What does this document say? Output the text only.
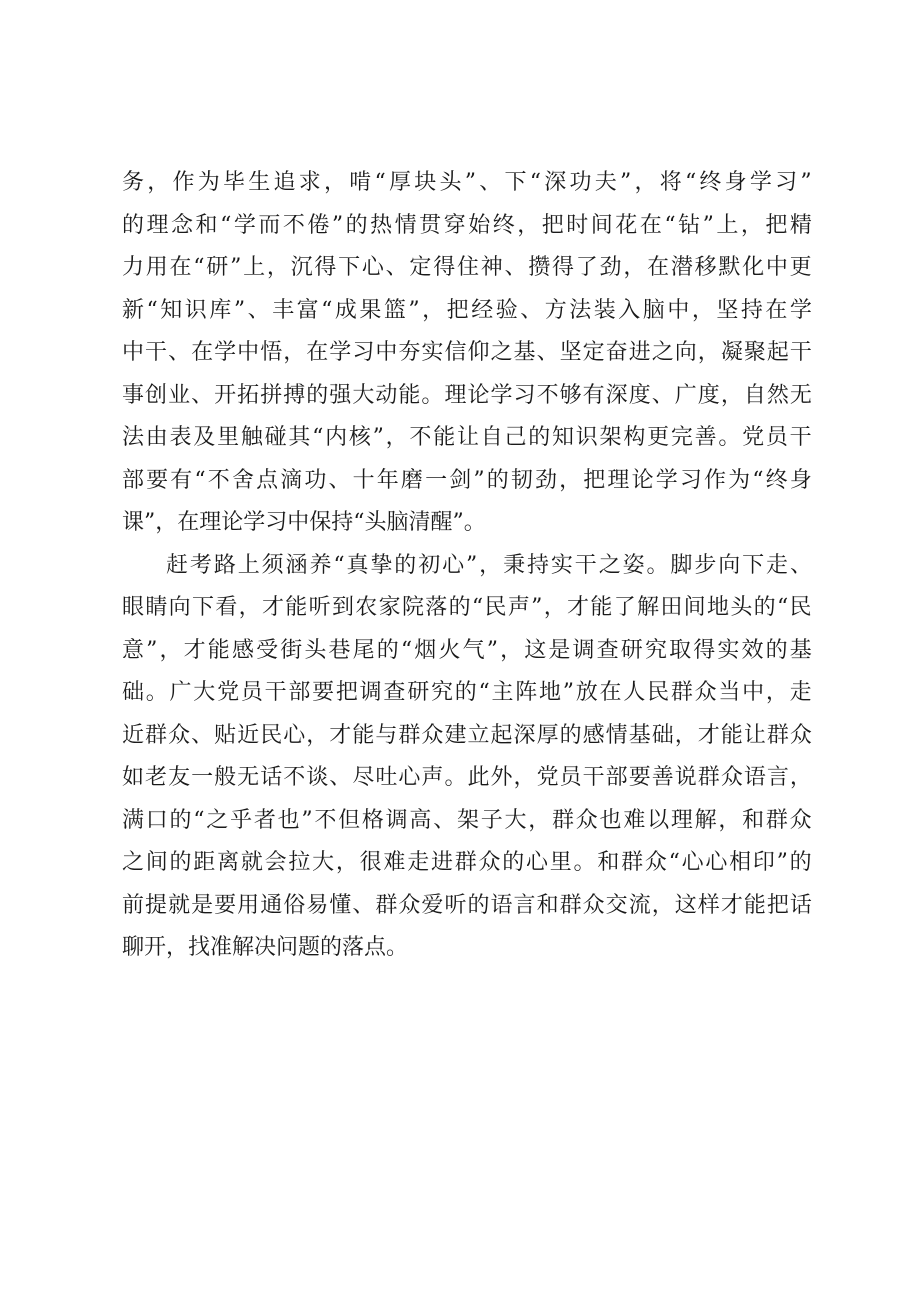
务 ， 作 为 毕 生 追 求 ， 啃 “ 厚 块 头 ” 、 下 “ 深 功 夫 ” ， 将 “ 终 身 学 习 ”
的 理 念 和 “ 学 而 不 倦 ” 的 热 情 贯 穿 始 终 ， 把 时 间 花 在 “ 钻 ” 上 ， 把 精
力 用 在 “ 研 ” 上 ， 沉 得 下 心 、 定 得 住 神 、 攒 得 了 劲 ， 在 潜 移 默 化 中 更
新 “ 知 识 库 ” 、 丰 富 “ 成 果 篮 ” ， 把 经 验 、 方 法 装 入 脑 中 ， 坚 持 在 学
中 干 、 在 学 中 悟 ， 在 学 习 中 夯 实 信 仰 之 基 、 坚 定 奋 进 之 向 ， 凝 聚 起 干
事 创 业 、 开 拓 拼 搏 的 强 大 动 能 。 理 论 学 习 不 够 有 深 度 、 广 度 ， 自 然 无
法 由 表 及 里 触 碰 其 “ 内 核 ” ， 不 能 让 自 己 的 知 识 架 构 更 完 善 。 党 员 干
部 要 有 “ 不 舍 点 滴 功 、 十 年 磨 一 剑 ” 的 韧 劲 ， 把 理 论 学 习 作 为 “ 终 身
课”，在理论学习中保持“头脑清醒”。
赶 考 路 上 须 涵 养 “ 真 挚 的 初 心 ” ， 秉 持 实 干 之 姿 。 脚 步 向 下 走 、
眼 睛 向 下 看 ， 才 能 听 到 农 家 院 落 的 “ 民 声 ” ， 才 能 了 解 田 间 地 头 的 “ 民
意 ” ， 才 能 感 受 街 头 巷 尾 的 “ 烟 火 气 ” ， 这 是 调 查 研 究 取 得 实 效 的 基
础 。 广 大 党 员 干 部 要 把 调 查 研 究 的 “ 主 阵 地 ” 放 在 人 民 群 众 当 中 ， 走
近 群 众 、 贴 近 民 心 ， 才 能 与 群 众 建 立 起 深 厚 的 感 情 基 础 ， 才 能 让 群 众
如 老 友 一 般 无 话 不 谈 、 尽 吐 心 声 。 此 外 ， 党 员 干 部 要 善 说 群 众 语 言 ，
满 口 的 “ 之 乎 者 也 ” 不 但 格 调 高 、 架 子 大 ， 群 众 也 难 以 理 解 ， 和 群 众
之 间 的 距 离 就 会 拉 大 ， 很 难 走 进 群 众 的 心 里 。 和 群 众 “ 心 心 相 印 ” 的
前 提 就 是 要 用 通 俗 易 懂 、 群 众 爱 听 的 语 言 和 群 众 交 流 ， 这 样 才 能 把 话
聊开，找准解决问题的落点。
